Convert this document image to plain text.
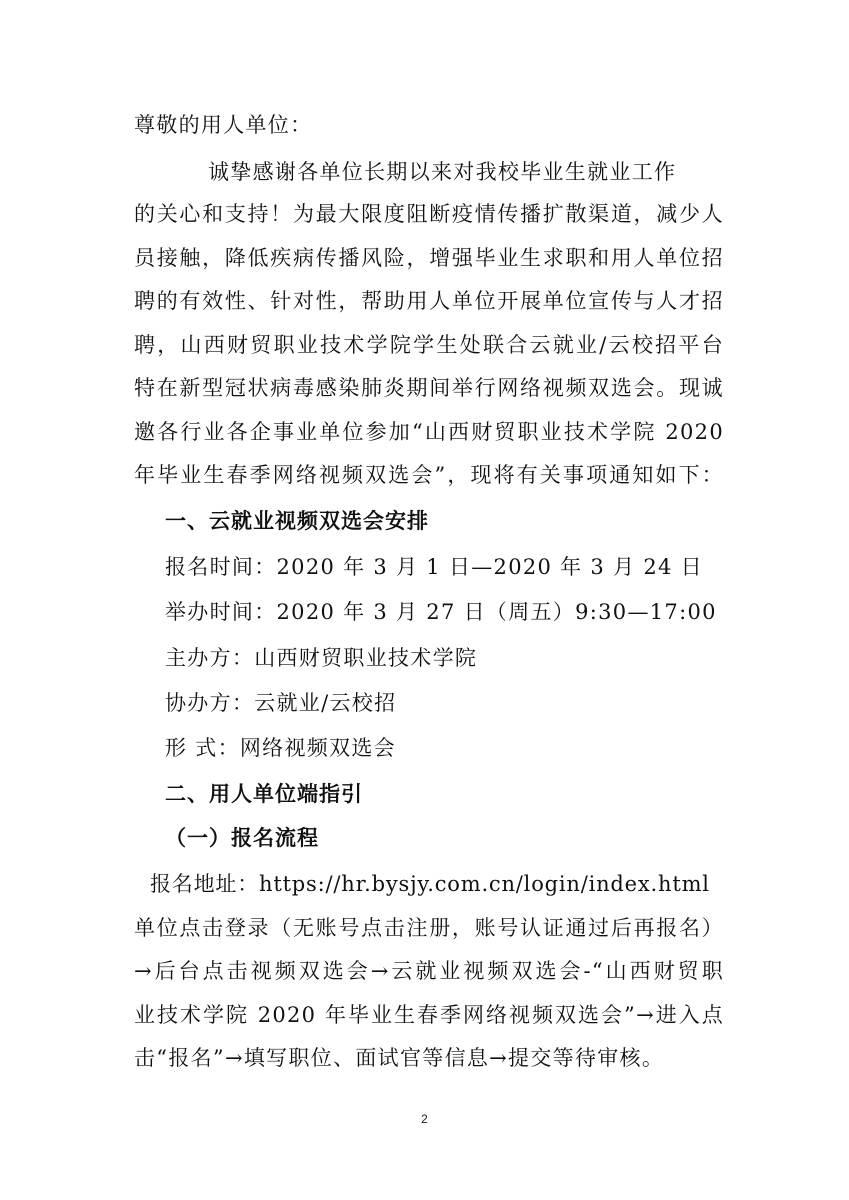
尊敬的用人单位：
诚挚感谢各单位长期以来对我校毕业生就业工作
的关心和支持！为最大限度阻断疫情传播扩散渠道，减少人
员接触，降低疾病传播风险，增强毕业生求职和用人单位招
聘的有效性、针对性，帮助用人单位开展单位宣传与人才招
聘，山西财贸职业技术学院学生处联合云就业/云校招平台
特在新型冠状病毒感染肺炎期间举行网络视频双选会。现诚
邀各行业各企事业单位参加“山西财贸职业技术学院 2020
年毕业生春季网络视频双选会”，现将有关事项通知如下：
一、云就业视频双选会安排
报名时间：2020 年 3 月 1 日—2020 年 3 月 24 日
举办时间：2020 年 3 月 27 日（周五）9:30—17:00
主办方：山西财贸职业技术学院
协办方：云就业/云校招
形 式：网络视频双选会
二、用人单位端指引
（一）报名流程
报名地址：https://hr.bysjy.com.cn/login/index.html
单位点击登录（无账号点击注册，账号认证通过后再报名）
→后台点击视频双选会→云就业视频双选会-“山西财贸职
业技术学院 2020 年毕业生春季网络视频双选会”→进入点
击“报名”→填写职位、面试官等信息→提交等待审核。
2
